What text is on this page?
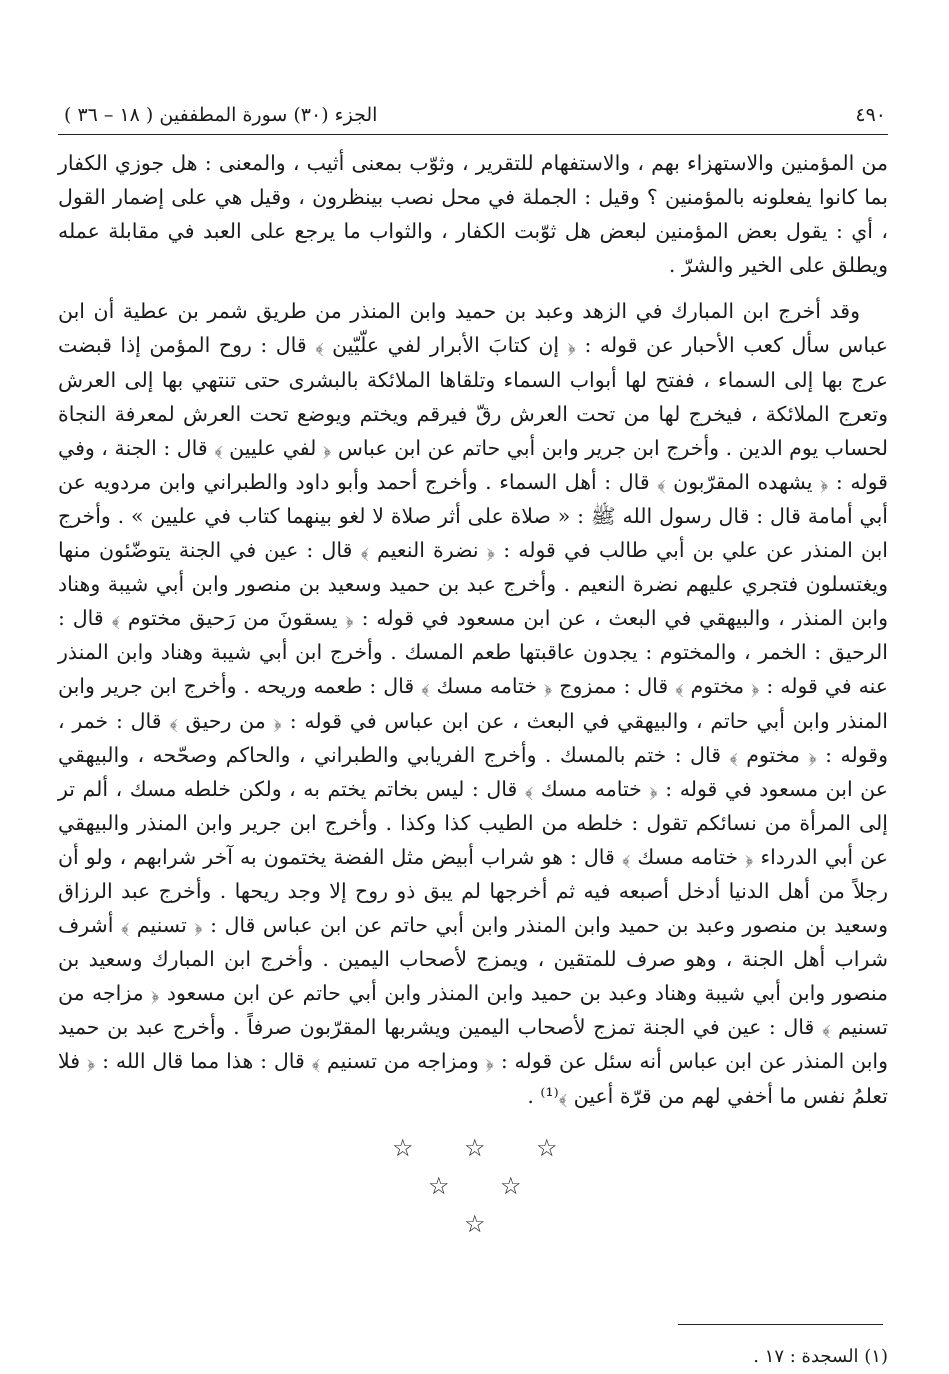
٤٩٠
الجزء (٣٠) سورة المطففين ( ١٨ – ٣٦ )

من المؤمنين والاستهزاء بهم ، والاستفهام للتقرير ، وثوّب بمعنى أثيب ، والمعنى : هل جوزي الكفار بما كانوا يفعلونه بالمؤمنين ؟ وقيل : الجملة في محل نصب بينظرون ، وقيل هي على إضمار القول ، أي : يقول بعض المؤمنين لبعض هل ثوّبت الكفار ، والثواب ما يرجع على العبد في مقابلة عمله ويطلق على الخير والشرّ .

وقد أخرج ابن المبارك في الزهد وعبد بن حميد وابن المنذر من طريق شمر بن عطية أن ابن عباس سأل كعب الأحبار عن قوله : ﴿ إن كتابَ الأبرار لفي علّيّين ﴾ قال : روح المؤمن إذا قبضت عرج بها إلى السماء ، ففتح لها أبواب السماء وتلقاها الملائكة بالبشرى حتى تنتهي بها إلى العرش وتعرج الملائكة ، فيخرج لها من تحت العرش رقّ فيرقم ويختم ويوضع تحت العرش لمعرفة النجاة لحساب يوم الدين . وأخرج ابن جرير وابن أبي حاتم عن ابن عباس ﴿ لفي عليين ﴾ قال : الجنة ، وفي قوله : ﴿ يشهده المقرّبون ﴾ قال : أهل السماء . وأخرج أحمد وأبو داود والطبراني وابن مردويه عن أبي أمامة قال : قال رسول الله ﷺ : « صلاة على أثر صلاة لا لغو بينهما كتاب في عليين » . وأخرج ابن المنذر عن علي بن أبي طالب في قوله : ﴿ نضرة النعيم ﴾ قال : عين في الجنة يتوضّئون منها ويغتسلون فتجري عليهم نضرة النعيم . وأخرج عبد بن حميد وسعيد بن منصور وابن أبي شيبة وهناد وابن المنذر ، والبيهقي في البعث ، عن ابن مسعود في قوله : ﴿ يسقونَ من رَحيق مختوم ﴾ قال : الرحيق : الخمر ، والمختوم : يجدون عاقبتها طعم المسك . وأخرج ابن أبي شيبة وهناد وابن المنذر عنه في قوله : ﴿ مختوم ﴾ قال : ممزوج ﴿ ختامه مسك ﴾ قال : طعمه وريحه . وأخرج ابن جرير وابن المنذر وابن أبي حاتم ، والبيهقي في البعث ، عن ابن عباس في قوله : ﴿ من رحيق ﴾ قال : خمر ، وقوله : ﴿ مختوم ﴾ قال : ختم بالمسك . وأخرج الفريابي والطبراني ، والحاكم وصحّحه ، والبيهقي عن ابن مسعود في قوله : ﴿ ختامه مسك ﴾ قال : ليس بخاتم يختم به ، ولكن خلطه مسك ، ألم تر إلى المرأة من نسائكم تقول : خلطه من الطيب كذا وكذا . وأخرج ابن جرير وابن المنذر والبيهقي عن أبي الدرداء ﴿ ختامه مسك ﴾ قال : هو شراب أبيض مثل الفضة يختمون به آخر شرابهم ، ولو أن رجلاً من أهل الدنيا أدخل أصبعه فيه ثم أخرجها لم يبق ذو روح إلا وجد ريحها . وأخرج عبد الرزاق وسعيد بن منصور وعبد بن حميد وابن المنذر وابن أبي حاتم عن ابن عباس قال : ﴿ تسنيم ﴾ أشرف شراب أهل الجنة ، وهو صرف للمتقين ، ويمزج لأصحاب اليمين . وأخرج ابن المبارك وسعيد بن منصور وابن أبي شيبة وهناد وعبد بن حميد وابن المنذر وابن أبي حاتم عن ابن مسعود ﴿ مزاجه من تسنيم ﴾ قال : عين في الجنة تمزج لأصحاب اليمين ويشربها المقرّبون صرفاً . وأخرج عبد بن حميد وابن المنذر عن ابن عباس أنه سئل عن قوله : ﴿ ومزاجه من تسنيم ﴾ قال : هذا مما قال الله : ﴿ فلا تعلمُ نفس ما أخفي لهم من قرّة أعين ﴾⁽¹⁾ .

☆ ☆ ☆
☆ ☆
☆
(١) السجدة : ١٧ .
